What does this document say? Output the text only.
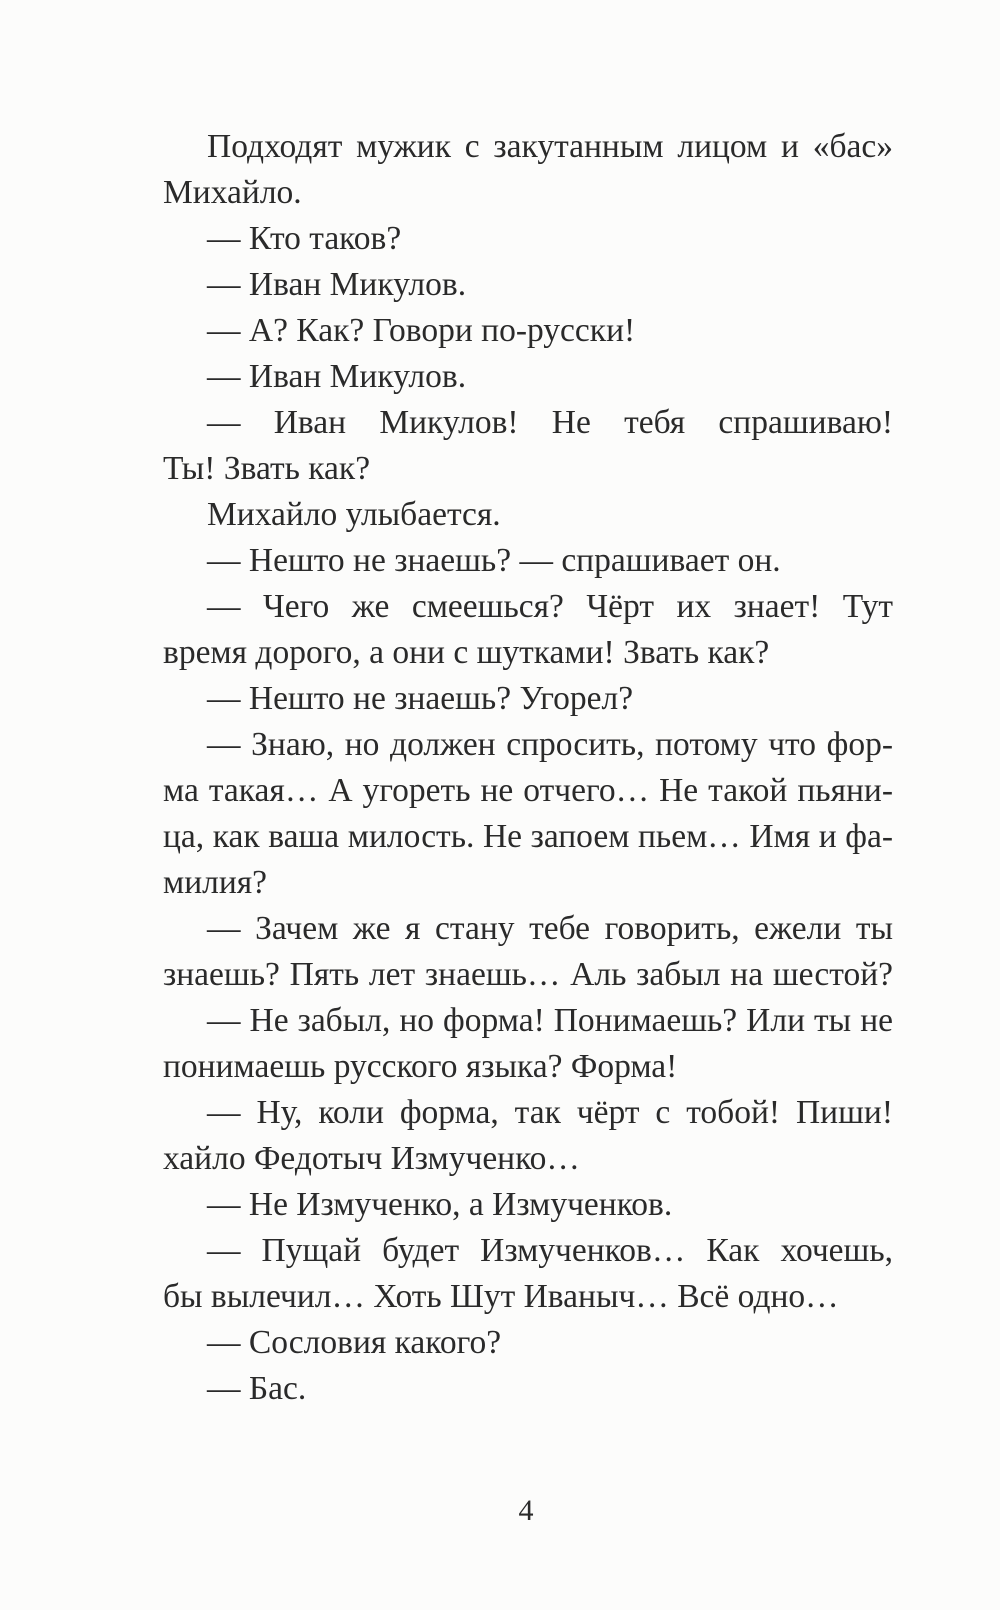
Подходят мужик с закутанным лицом и «бас»
Михайло.
— Кто таков?
— Иван Микулов.
— А? Как? Говори по-русски!
— Иван Микулов.
— Иван Микулов! Не тебя спрашиваю!
Ты! Звать как?
Михайло улыбается.
— Нешто не знаешь? — спрашивает он.
— Чего же смеешься? Чёрт их знает! Тут
время дорого, а они с шутками! Звать как?
— Нешто не знаешь? Угорел?
— Знаю, но должен спросить, потому что фор-
ма такая… А угореть не отчего… Не такой пьяни-
ца, как ваша милость. Не запоем пьем… Имя и фа-
милия?
— Зачем же я стану тебе говорить, ежели ты
знаешь? Пять лет знаешь… Аль забыл на шестой?
— Не забыл, но форма! Понимаешь? Или ты не
понимаешь русского языка? Форма!
— Ну, коли форма, так чёрт с тобой! Пиши!
хайло Федотыч Измученко…
— Не Измученко, а Измученков.
— Пущай будет Измученков… Как хочешь,
бы вылечил… Хоть Шут Иваныч… Всё одно…
— Сословия какого?
— Бас.
4
